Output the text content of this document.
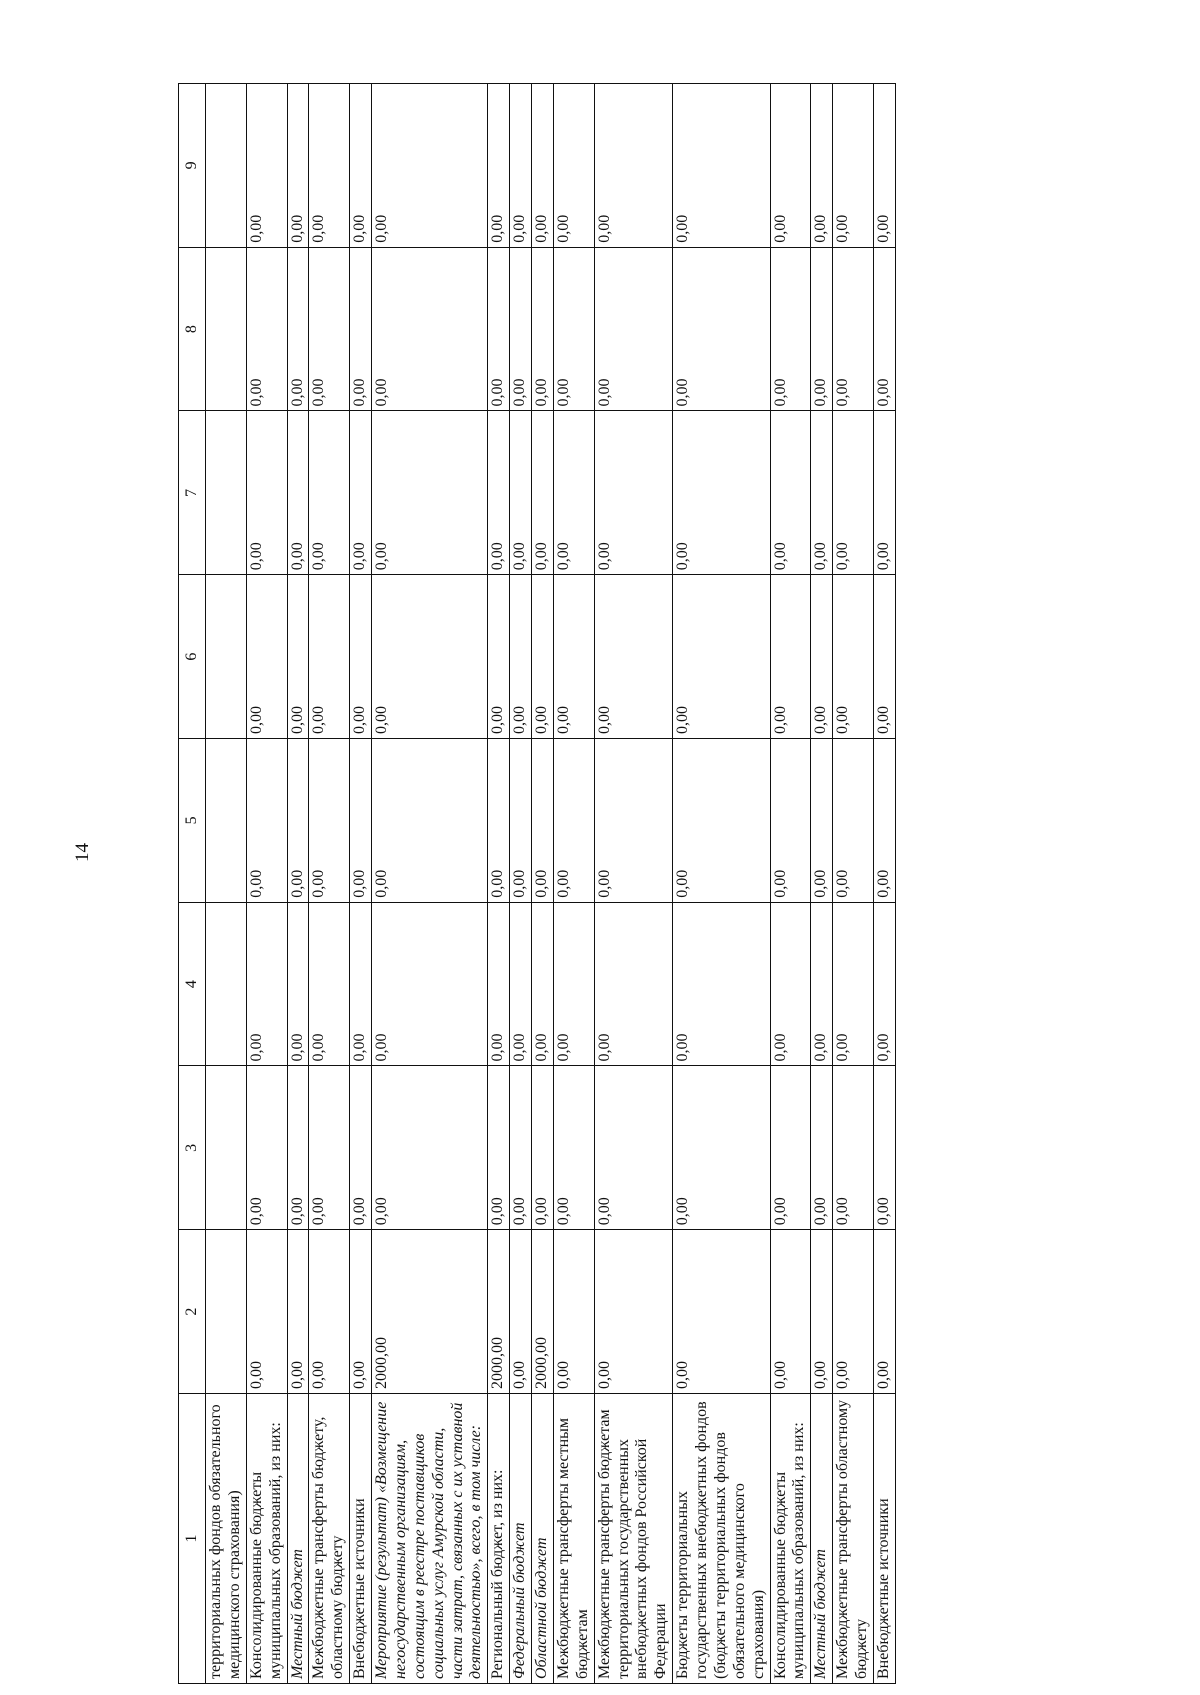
14
1	2	3	4	5	6	7	8	9
территориальных фондов обязательного медицинского страхования)								
Консолидированные бюджеты муниципальных образований, из них:	0,00	0,00	0,00	0,00	0,00	0,00	0,00	0,00
Местный бюджет	0,00	0,00	0,00	0,00	0,00	0,00	0,00	0,00
Межбюджетные трансферты бюджету, областному бюджету	0,00	0,00	0,00	0,00	0,00	0,00	0,00	0,00
Внебюджетные источники	0,00	0,00	0,00	0,00	0,00	0,00	0,00	0,00
Мероприятие (результат) «Возмещение негосударственным организациям, состоящим в реестре поставщиков социальных услуг Амурской области, части затрат, связанных с их уставной деятельностью», всего, в том числе:	2000,00	0,00	0,00	0,00	0,00	0,00	0,00	0,00
Региональный бюджет, из них:	2000,00	0,00	0,00	0,00	0,00	0,00	0,00	0,00
Федеральный бюджет	0,00	0,00	0,00	0,00	0,00	0,00	0,00	0,00
Областной бюджет	2000,00	0,00	0,00	0,00	0,00	0,00	0,00	0,00
Межбюджетные трансферты местным бюджетам	0,00	0,00	0,00	0,00	0,00	0,00	0,00	0,00
Межбюджетные трансферты бюджетам территориальных государственных внебюджетных фондов Российской Федерации	0,00	0,00	0,00	0,00	0,00	0,00	0,00	0,00
Бюджеты территориальных государственных внебюджетных фондов (бюджеты территориальных фондов обязательного медицинского страхования)	0,00	0,00	0,00	0,00	0,00	0,00	0,00	0,00
Консолидированные бюджеты муниципальных образований, из них:	0,00	0,00	0,00	0,00	0,00	0,00	0,00	0,00
Местный бюджет	0,00	0,00	0,00	0,00	0,00	0,00	0,00	0,00
Межбюджетные трансферты областному бюджету	0,00	0,00	0,00	0,00	0,00	0,00	0,00	0,00
Внебюджетные источники	0,00	0,00	0,00	0,00	0,00	0,00	0,00	0,00
